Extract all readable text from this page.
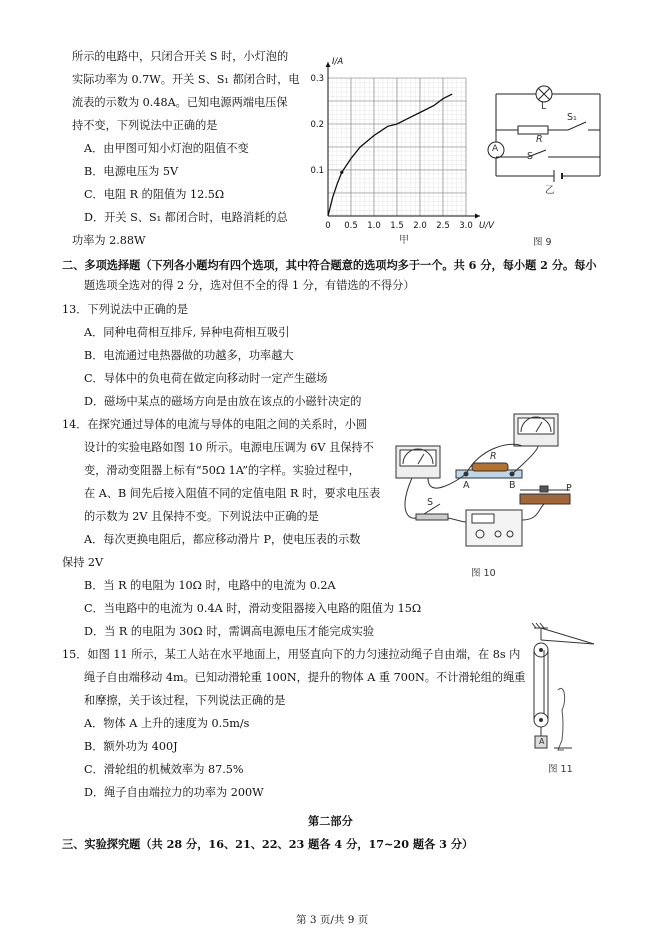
所示的电路中，只闭合开关 S 时，小灯泡的
实际功率为 0.7W。开关 S、S₁ 都闭合时，电
流表的示数为 0.48A。已知电源两端电压保
持不变，下列说法中正确的是
A．由甲图可知小灯泡的阻值不变
B．电源电压为 5V
C．电阻 R 的阻值为 12.5Ω
D．开关 S、S₁ 都闭合时，电路消耗的总
功率为 2.88W
0 0.5 1.0 1.5 2.0 2.5 3.0
0.1
0.2
0.3
U/V
I/A
甲
L
R
S₁
S
A
乙
图 9
二、多项选择题（下列各小题均有四个选项，其中符合题意的选项均多于一个。共 6 分，每小题 2 分。每小
题选项全选对的得 2 分，选对但不全的得 1 分，有错选的不得分）
13．下列说法中正确的是
A．同种电荷相互排斥, 异种电荷相互吸引
B．电流通过电热器做的功越多，功率越大
C．导体中的负电荷在做定向移动时一定产生磁场
D．磁场中某点的磁场方向是由放在该点的小磁针决定的
14．在探究通过导体的电流与导体的电阻之间的关系时，小圆
设计的实验电路如图 10 所示。电源电压调为 6V 且保持不
变，滑动变阻器上标有“50Ω 1A”的字样。实验过程中，
在 A、B 间先后接入阻值不同的定值电阻 R 时，要求电压表
的示数为 2V 且保持不变。下列说法中正确的是
A．每次更换电阻后，都应移动滑片 P，使电压表的示数
保持 2V
B．当 R 的电阻为 10Ω 时，电路中的电流为 0.2A
C．当电路中的电流为 0.4A 时，滑动变阻器接入电路的阻值为 15Ω
D．当 R 的电阻为 30Ω 时，需调高电源电压才能完成实验
R
A	B
S
P
图 10
15．如图 11 所示，某工人站在水平地面上，用竖直向下的力匀速拉动绳子自由端，在 8s 内
绳子自由端移动 4m。已知动滑轮重 100N，提升的物体 A 重 700N。不计滑轮组的绳重
和摩擦，关于该过程，下列说法正确的是
A．物体 A 上升的速度为 0.5m/s
B．额外功为 400J
C．滑轮组的机械效率为 87.5%
D．绳子自由端拉力的功率为 200W
A
图 11
第二部分
三、实验探究题（共 28 分，16、21、22、23 题各 4 分，17~20 题各 3 分）
第 3 页/共 9 页
